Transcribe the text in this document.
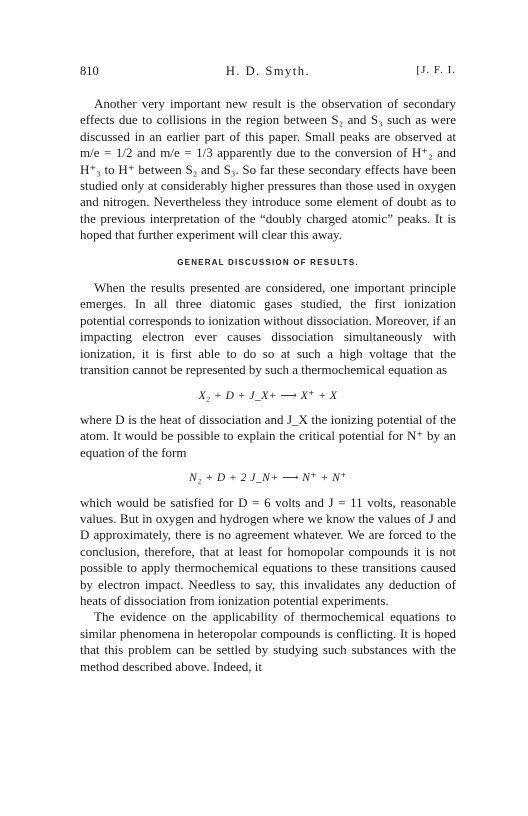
810	H. D. Smyth.	[J. F. I.

Another very important new result is the observation of secondary effects due to collisions in the region between S₂ and S₃ such as were discussed in an earlier part of this paper. Small peaks are observed at m/e = 1/2 and m/e = 1/3 apparently due to the conversion of H⁺₂ and H⁺₃ to H⁺ between S₂ and S₃. So far these secondary effects have been studied only at considerably higher pressures than those used in oxygen and nitrogen. Nevertheless they introduce some element of doubt as to the previous interpretation of the “doubly charged atomic” peaks. It is hoped that further experiment will clear this away.

GENERAL DISCUSSION OF RESULTS.

When the results presented are considered, one important principle emerges. In all three diatomic gases studied, the first ionization potential corresponds to ionization without dissociation. Moreover, if an impacting electron ever causes dissociation simultaneously with ionization, it is first able to do so at such a high voltage that the transition cannot be represented by such a thermochemical equation as

X₂ + D + J_X+ ⟶ X⁺ + X

where D is the heat of dissociation and J_X the ionizing potential of the atom. It would be possible to explain the critical potential for N⁺ by an equation of the form

N₂ + D + 2 J_N+ ⟶ N⁺ + N⁺

which would be satisfied for D = 6 volts and J = 11 volts, reasonable values. But in oxygen and hydrogen where we know the values of J and D approximately, there is no agreement whatever. We are forced to the conclusion, therefore, that at least for homopolar compounds it is not possible to apply thermochemical equations to these transitions caused by electron impact. Needless to say, this invalidates any deduction of heats of dissociation from ionization potential experiments.

The evidence on the applicability of thermochemical equations to similar phenomena in heteropolar compounds is conflicting. It is hoped that this problem can be settled by studying such substances with the method described above. Indeed, it
